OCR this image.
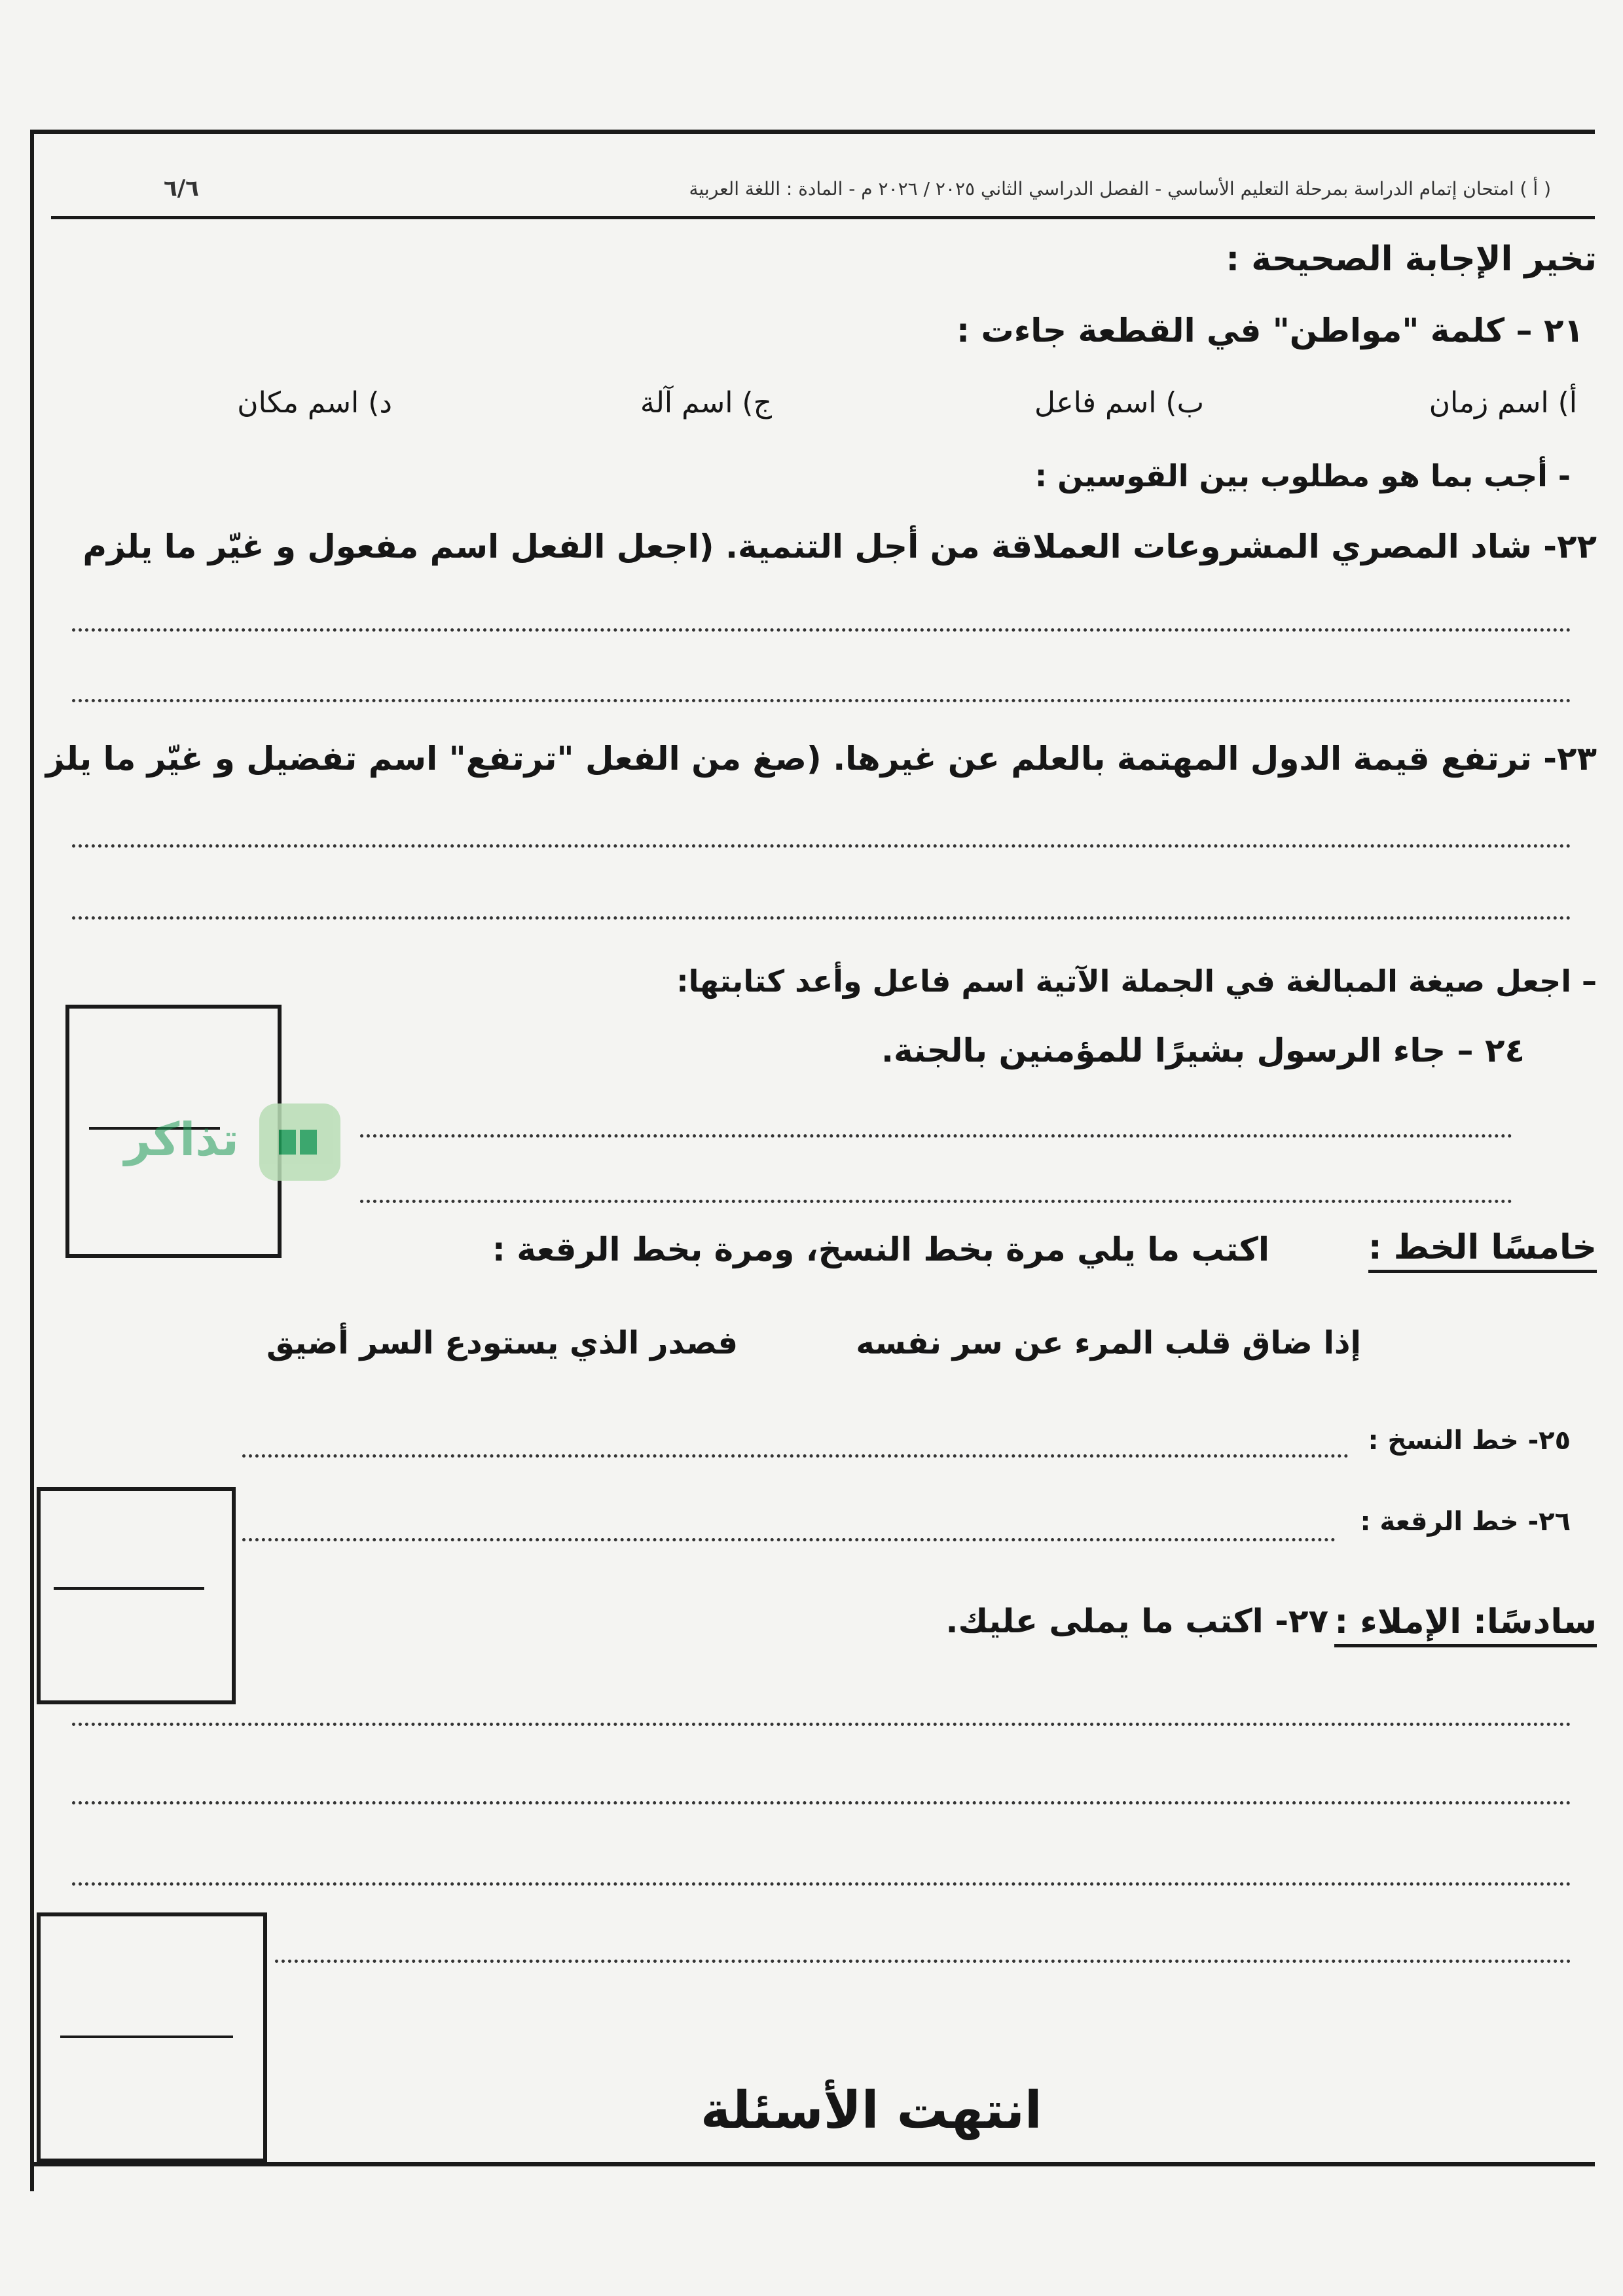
( أ ) امتحان إتمام الدراسة بمرحلة التعليم الأساسي - الفصل الدراسي الثاني ٢٠٢٥ / ٢٠٢٦ م - المادة : اللغة العربية
٦/٦
تخير الإجابة الصحيحة :
٢١ – كلمة "مواطن" في القطعة جاءت :
أ) اسم زمان
ب) اسم فاعل
ج) اسم آلة
د) اسم مكان
- أجب بما هو مطلوب بين القوسين :
٢٢- شاد المصري المشروعات العملاقة من أجل التنمية. (اجعل الفعل اسم مفعول و غيّر ما يلزم
٢٣- ترتفع قيمة الدول المهتمة بالعلم عن غيرها. (صغ من الفعل "ترتفع" اسم تفضيل و غيّر ما يلز
– اجعل صيغة المبالغة في الجملة الآتية اسم فاعل وأعد كتابتها:
٢٤ – جاء الرسول بشيرًا للمؤمنين بالجنة.
تذاكر
خامسًا الخط :
اكتب ما يلي مرة بخط النسخ، ومرة بخط الرقعة :
إذا ضاق قلب المرء عن سر نفسه
فصدر الذي يستودع السر أضيق
٢٥- خط النسخ :
٢٦- خط الرقعة :
سادسًا: الإملاء :
٢٧- اكتب ما يملى عليك.
انتهت الأسئلة
